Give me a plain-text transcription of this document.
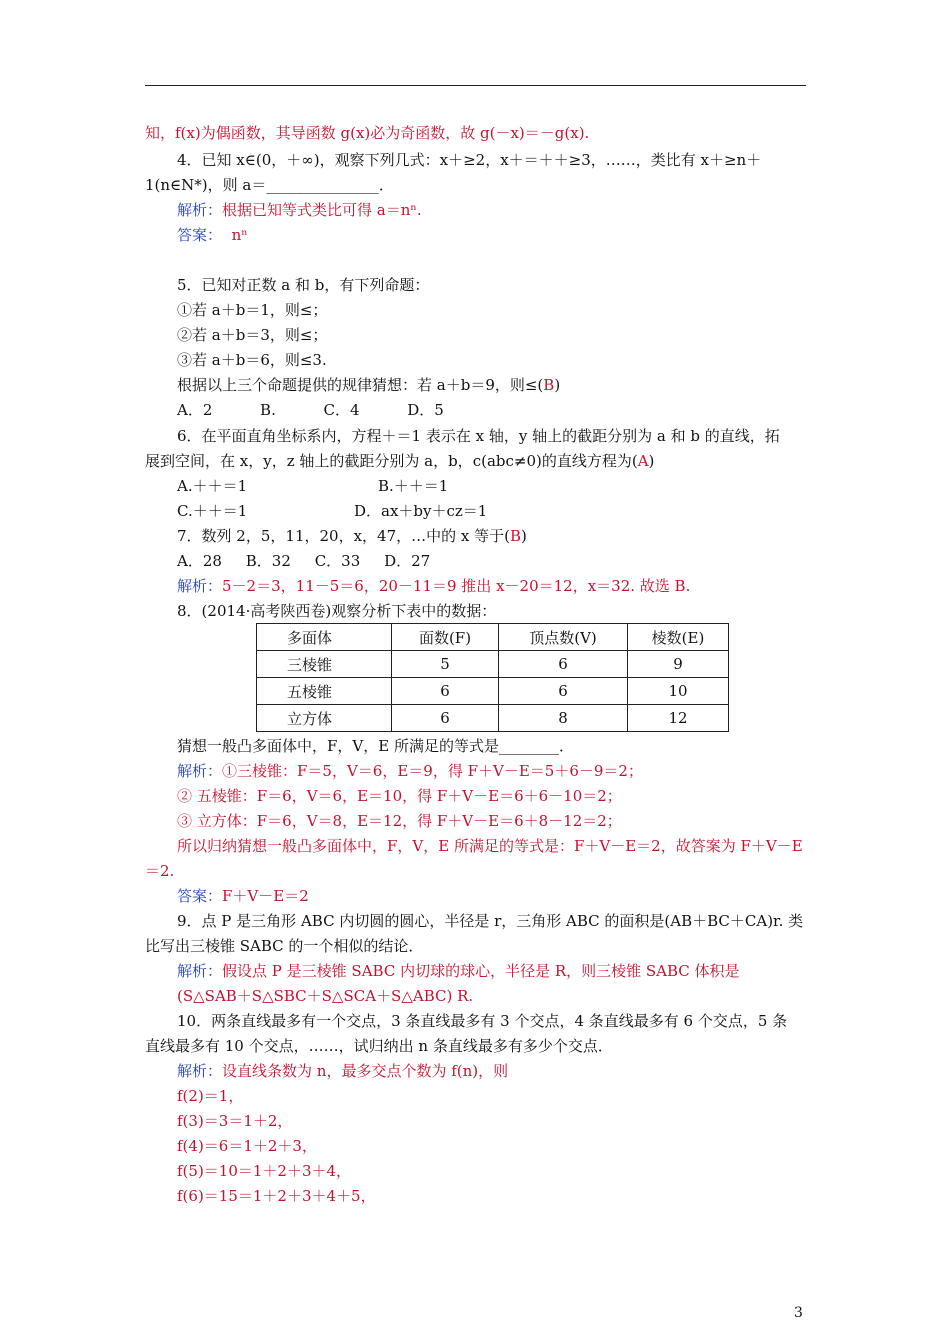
知，f(x)为偶函数，其导函数 g(x)必为奇函数，故 g(－x)＝－g(x).
4．已知 x∈(0，＋∞)，观察下列几式：x＋≥2，x＋＝＋＋≥3，……，类比有 x＋≥n＋
1(n∈N*)，则 a＝_______________．
解析：根据已知等式类比可得 a＝nⁿ.
答案： nⁿ
5．已知对正数 a 和 b，有下列命题：
①若 a＋b＝1，则≤；
②若 a＋b＝3，则≤；
③若 a＋b＝6，则≤3.
根据以上三个命题提供的规律猜想：若 a＋b＝9，则≤(B)
A．2          B.          C．4          D．5
6．在平面直角坐标系内，方程＋＝1 表示在 x 轴，y 轴上的截距分别为 a 和 b 的直线，拓
展到空间，在 x，y，z 轴上的截距分别为 a，b，c(abc≠0)的直线方程为(A)
A.＋＋＝1	B.＋＋＝1
C.＋＋＝1	D．ax＋by＋cz＝1
7．数列 2，5，11，20，x，47，…中的 x 等于(B)
A．28     B．32     C．33     D．27
解析：5－2＝3，11－5＝6，20－11＝9 推出 x－20＝12，x＝32. 故选 B.
8．(2014·高考陕西卷)观察分析下表中的数据：
多面体	面数(F)	顶点数(V)	棱数(E)
三棱锥	5	6	9
五棱锥	6	6	10
立方体	6	8	12
猜想一般凸多面体中，F，V，E 所满足的等式是________．
解析：①三棱锥：F＝5，V＝6，E＝9，得 F＋V－E＝5＋6－9＝2；
② 五棱锥：F＝6，V＝6，E＝10，得 F＋V－E＝6＋6－10＝2；
③ 立方体：F＝6，V＝8，E＝12，得 F＋V－E＝6＋8－12＝2；
所以归纳猜想一般凸多面体中，F，V，E 所满足的等式是：F＋V－E＝2，故答案为 F＋V－E
＝2.
答案：F＋V－E＝2
9．点 P 是三角形 ABC 内切圆的圆心，半径是 r，三角形 ABC 的面积是(AB＋BC＋CA)r. 类
比写出三棱锥 SABC 的一个相似的结论．
解析：假设点 P 是三棱锥 SABC 内切球的球心，半径是 R，则三棱锥 SABC 体积是
(S△SAB＋S△SBC＋S△SCA＋S△ABC) R.
10．两条直线最多有一个交点，3 条直线最多有 3 个交点，4 条直线最多有 6 个交点，5 条
直线最多有 10 个交点，……，试归纳出 n 条直线最多有多少个交点．
解析：设直线条数为 n，最多交点个数为 f(n)，则
f(2)＝1，
f(3)＝3＝1＋2，
f(4)＝6＝1＋2＋3，
f(5)＝10＝1＋2＋3＋4，
f(6)＝15＝1＋2＋3＋4＋5，
3
